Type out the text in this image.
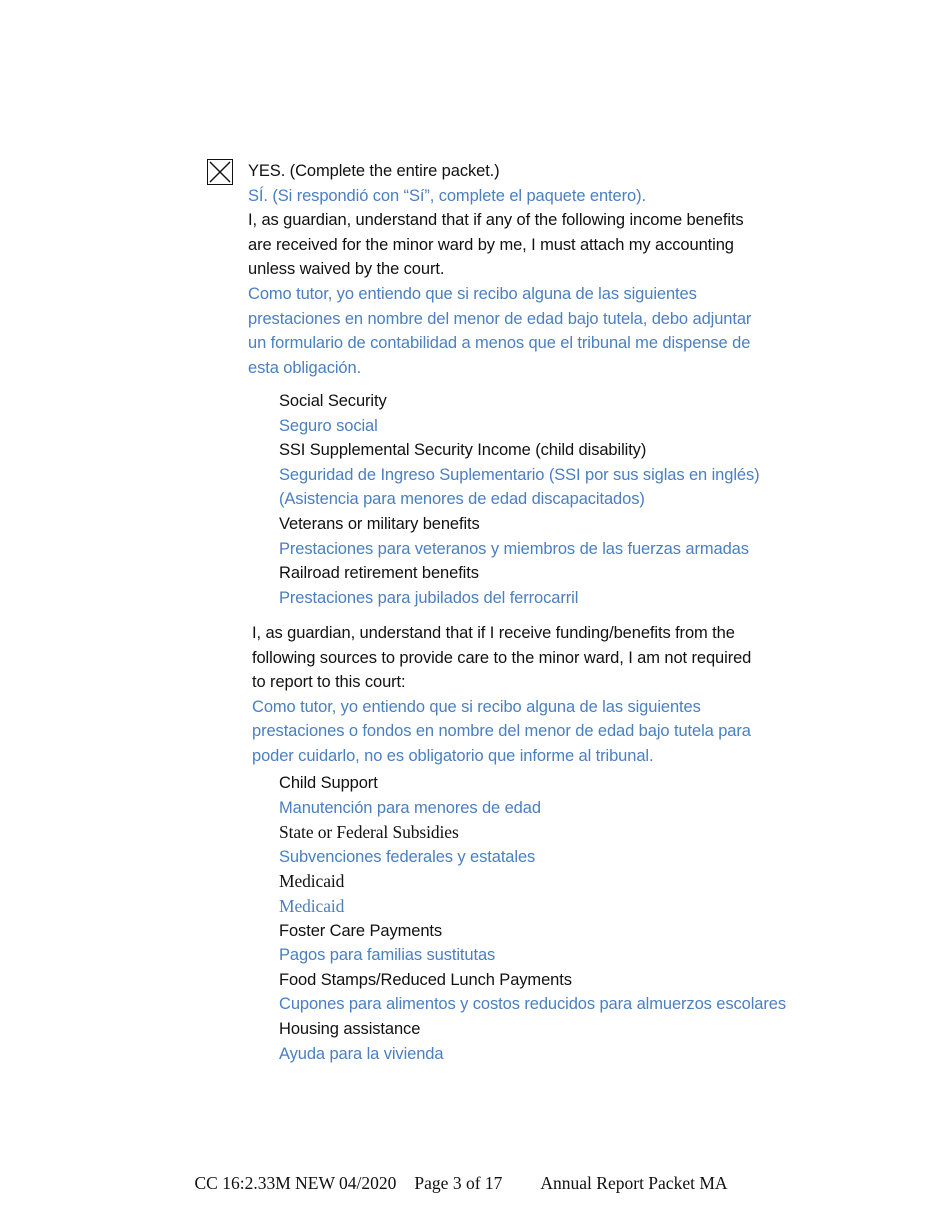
YES. (Complete the entire packet.)

SÍ. (Si respondió con “Sí”, complete el paquete entero).

I, as guardian, understand that if any of the following income benefits

are received for the minor ward by me, I must attach my accounting

unless waived by the court.

Como tutor, yo entiendo que si recibo alguna de las siguientes

prestaciones en nombre del menor de edad bajo tutela, debo adjuntar

un formulario de contabilidad a menos que el tribunal me dispense de

esta obligación.

Social Security

Seguro social

SSI Supplemental Security Income (child disability)

Seguridad de Ingreso Suplementario (SSI por sus siglas en inglés)

(Asistencia para menores de edad discapacitados)

Veterans or military benefits

Prestaciones para veteranos y miembros de las fuerzas armadas

Railroad retirement benefits

Prestaciones para jubilados del ferrocarril

I, as guardian, understand that if I receive funding/benefits from the

following sources to provide care to the minor ward, I am not required

to report to this court:

Como tutor, yo entiendo que si recibo alguna de las siguientes

prestaciones o fondos en nombre del menor de edad bajo tutela para

poder cuidarlo, no es obligatorio que informe al tribunal.

Child Support

Manutención para menores de edad

State or Federal Subsidies

Subvenciones federales y estatales

Medicaid

Medicaid

Foster Care Payments

Pagos para familias sustitutas

Food Stamps/Reduced Lunch Payments

Cupones para alimentos y costos reducidos para almuerzos escolares

Housing assistance

Ayuda para la vivienda

CC 16:2.33M NEW 04/2020 Page 3 of 17 Annual Report Packet MA
